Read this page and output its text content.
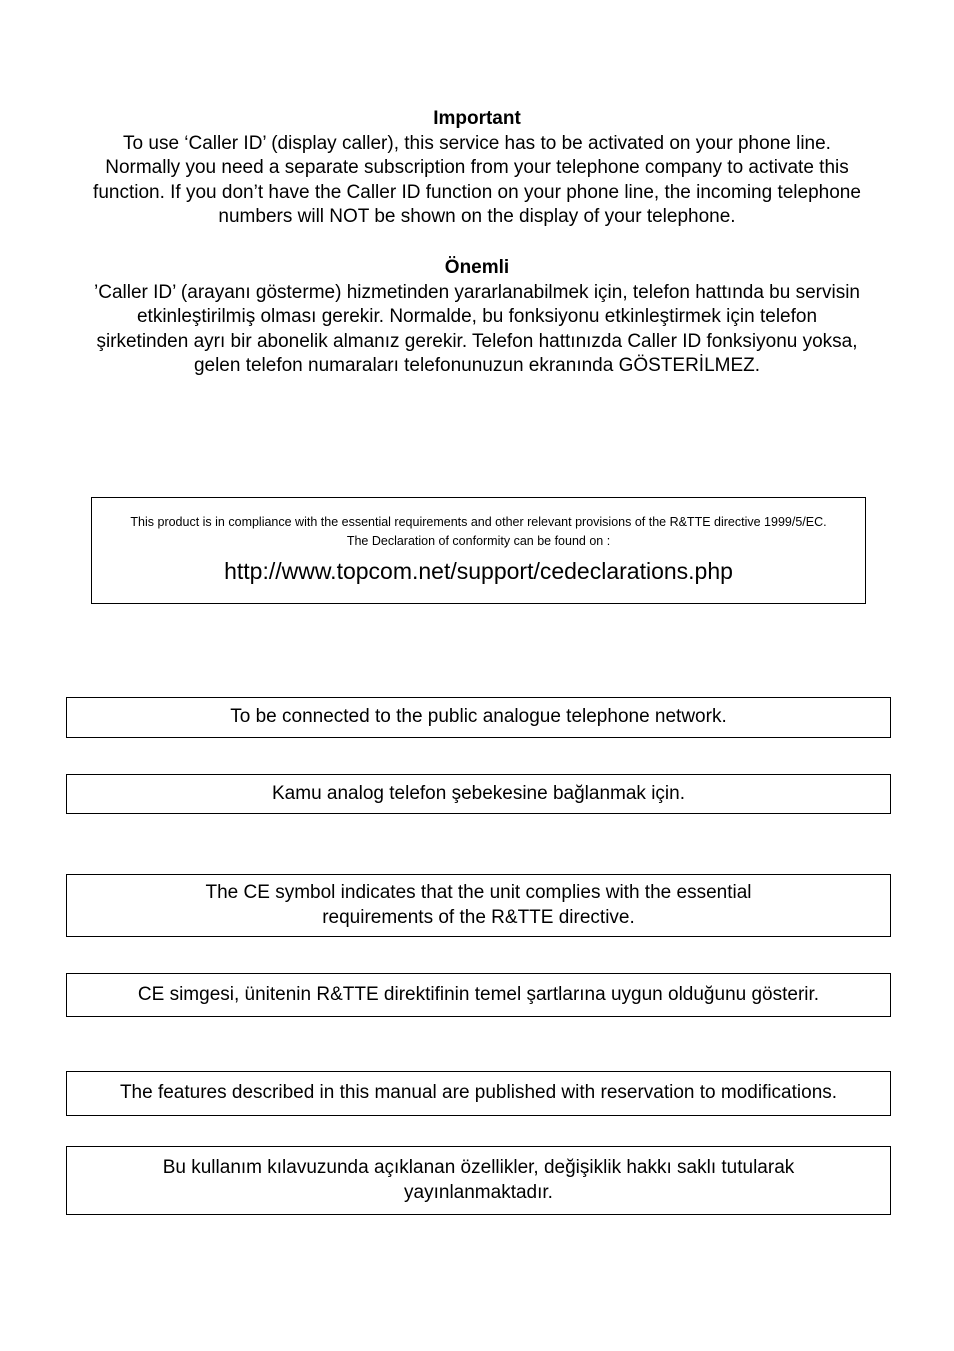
Important
To use ‘Caller ID’ (display caller), this service has to be activated on your phone line.
Normally you need a separate subscription from your telephone company to activate this
function. If you don’t have the Caller ID function on your phone line, the incoming telephone
numbers will NOT be shown on the display of your telephone.
Önemli
’Caller ID’ (arayanı gösterme) hizmetinden yararlanabilmek için, telefon hattında bu servisin
etkinleştirilmiş olması gerekir. Normalde, bu fonksiyonu etkinleştirmek için telefon
şirketinden ayrı bir abonelik almanız gerekir. Telefon hattınızda Caller ID fonksiyonu yoksa,
gelen telefon numaraları telefonunuzun ekranında GÖSTERİLMEZ.
This product is in compliance with the essential requirements and other relevant provisions of the R&TTE directive 1999/5/EC.
The Declaration of conformity can be found on :
http://www.topcom.net/support/cedeclarations.php
To be connected to the public analogue telephone network.
Kamu analog telefon şebekesine bağlanmak için.
The CE symbol indicates that the unit complies with the essential
requirements of the R&TTE directive.
CE simgesi, ünitenin R&TTE direktifinin temel şartlarına uygun olduğunu gösterir.
The features described in this manual are published with reservation to modifications.
Bu kullanım kılavuzunda açıklanan özellikler, değişiklik hakkı saklı tutularak
yayınlanmaktadır.
